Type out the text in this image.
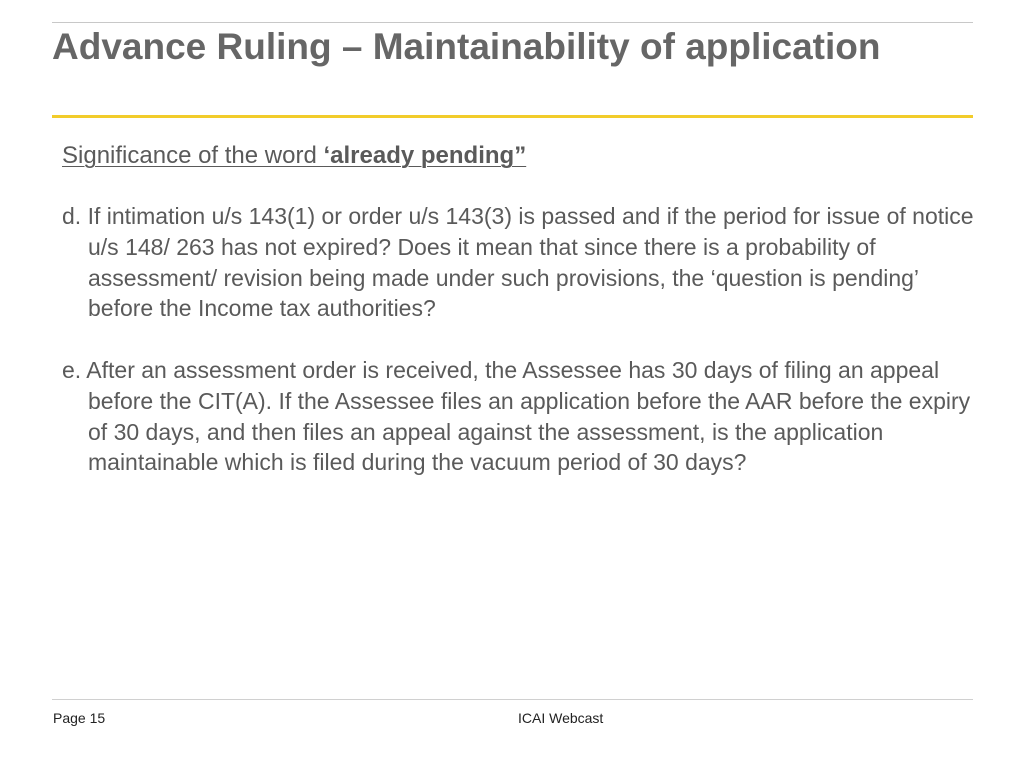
Advance Ruling – Maintainability of application

Significance of the word ‘already pending”

d. If intimation u/s 143(1) or order u/s 143(3) is passed and if the period for issue of notice u/s 148/ 263 has not expired? Does it mean that since there is a probability of assessment/ revision being made under such provisions, the ‘question is pending’ before the Income tax authorities?

e. After an assessment order is received, the Assessee has 30 days of filing an appeal before the CIT(A). If the Assessee files an application before the AAR before the expiry of 30 days, and then files an appeal against the assessment, is the application maintainable which is filed during the vacuum period of 30 days?

Page 15	ICAI Webcast
